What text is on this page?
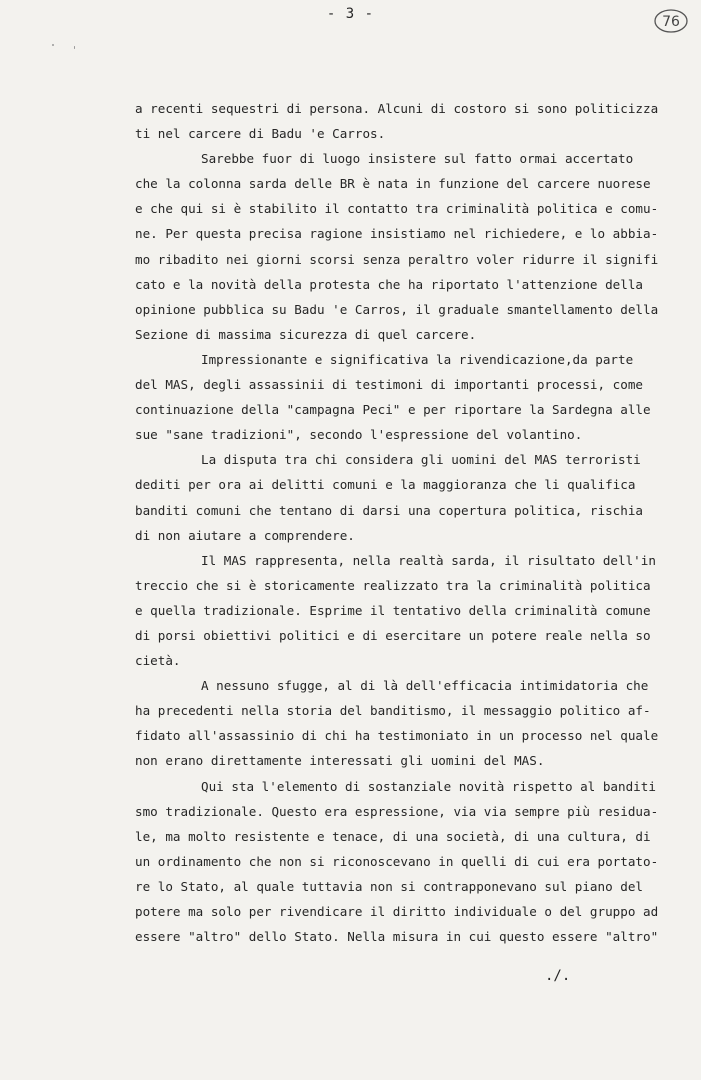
- 3 -	76
a recenti sequestri di persona. Alcuni di costoro si sono politicizza
ti nel carcere di Badu 'e Carros.
Sarebbe fuor di luogo insistere sul fatto ormai accertato
che la colonna sarda delle BR è nata in funzione del carcere nuorese
e che qui si è stabilito il contatto tra criminalità politica e comu-
ne. Per questa precisa ragione insistiamo nel richiedere, e lo abbia-
mo ribadito nei giorni scorsi senza peraltro voler ridurre il signifi
cato e la novità della protesta che ha riportato l'attenzione della
opinione pubblica su Badu 'e Carros, il graduale smantellamento della
Sezione di massima sicurezza di quel carcere.
Impressionante e significativa la rivendicazione,da parte
del MAS, degli assassinii di testimoni di importanti processi, come
continuazione della "campagna Peci" e per riportare la Sardegna alle
sue "sane tradizioni", secondo l'espressione del volantino.
La disputa tra chi considera gli uomini del MAS terroristi
dediti per ora ai delitti comuni e la maggioranza che li qualifica
banditi comuni che tentano di darsi una copertura politica, rischia
di non aiutare a comprendere.
Il MAS rappresenta, nella realtà sarda, il risultato dell'in
treccio che si è storicamente realizzato tra la criminalità politica
e quella tradizionale. Esprime il tentativo della criminalità comune
di porsi obiettivi politici e di esercitare un potere reale nella so
cietà.
A nessuno sfugge, al di là dell'efficacia intimidatoria che
ha precedenti nella storia del banditismo, il messaggio politico af-
fidato all'assassinio di chi ha testimoniato in un processo nel quale
non erano direttamente interessati gli uomini del MAS.
Qui sta l'elemento di sostanziale novità rispetto al banditi
smo tradizionale. Questo era espressione, via via sempre più residua-
le, ma molto resistente e tenace, di una società, di una cultura, di
un ordinamento che non si riconoscevano in quelli di cui era portato-
re lo Stato, al quale tuttavia non si contrapponevano sul piano del
potere ma solo per rivendicare il diritto individuale o del gruppo ad
essere "altro" dello Stato. Nella misura in cui questo essere "altro"
./.
